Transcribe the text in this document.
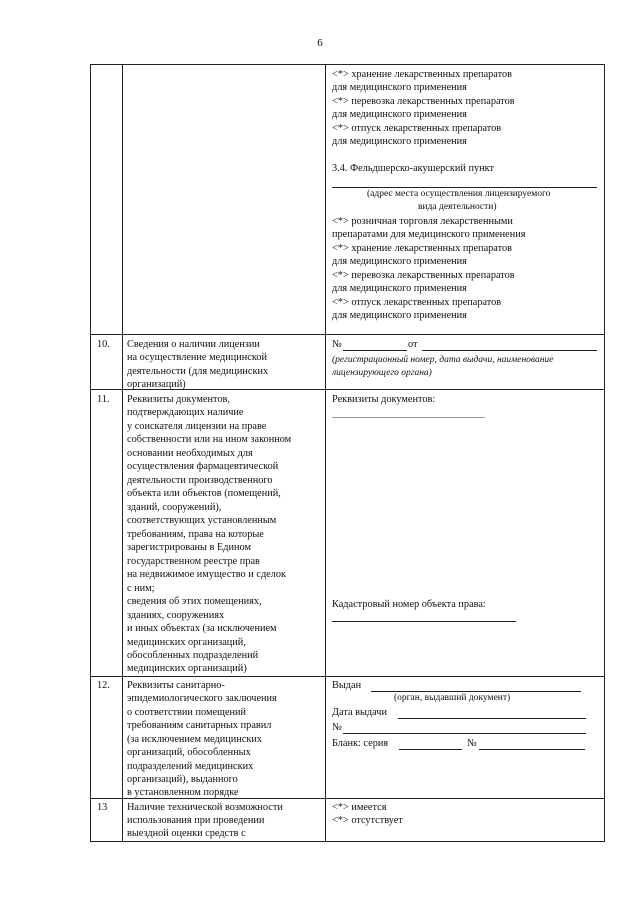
6
<*> хранение лекарственных препаратов
для медицинского применения
<*> перевозка лекарственных препаратов
для медицинского применения
<*> отпуск лекарственных препаратов
для медицинского применения
3.4. Фельдшерско-акушерский пункт
(адрес места осуществления лицензируемого
вида деятельности)
<*> розничная торговля лекарственными
препаратами для медицинского применения
<*> хранение лекарственных препаратов
для медицинского применения
<*> перевозка лекарственных препаратов
для медицинского применения
<*> отпуск лекарственных препаратов
для медицинского применения
10. Сведения о наличии лицензии
на осуществление медицинской
деятельности (для медицинских
организаций)
№	от
(регистрационный номер, дата выдачи, наименование
лицензирующего органа)
11. Реквизиты документов,
подтверждающих наличие
у соискателя лицензии на праве
собственности или на ином законном
основании необходимых для
осуществления фармацевтической
деятельности производственного
объекта или объектов (помещений,
зданий, сооружений),
соответствующих установленным
требованиям, права на которые
зарегистрированы в Едином
государственном реестре прав
на недвижимое имущество и сделок
с ним;
сведения об этих помещениях,
зданиях, сооружениях
и иных объектах (за исключением
медицинских организаций,
обособленных подразделений
медицинских организаций)
Реквизиты документов:
Кадастровый номер объекта права:
12. Реквизиты санитарно-
эпидемиологического заключения
о соответствии помещений
требованиям санитарных правил
(за исключением медицинских
организаций, обособленных
подразделений медицинских
организаций), выданного
в установленном порядке
Выдан
(орган, выдавший документ)
Дата выдачи
№
Бланк: серия	№
13 Наличие технической возможности
использования при проведении
выездной оценки средств с
<*> имеется
<*> отсутствует
